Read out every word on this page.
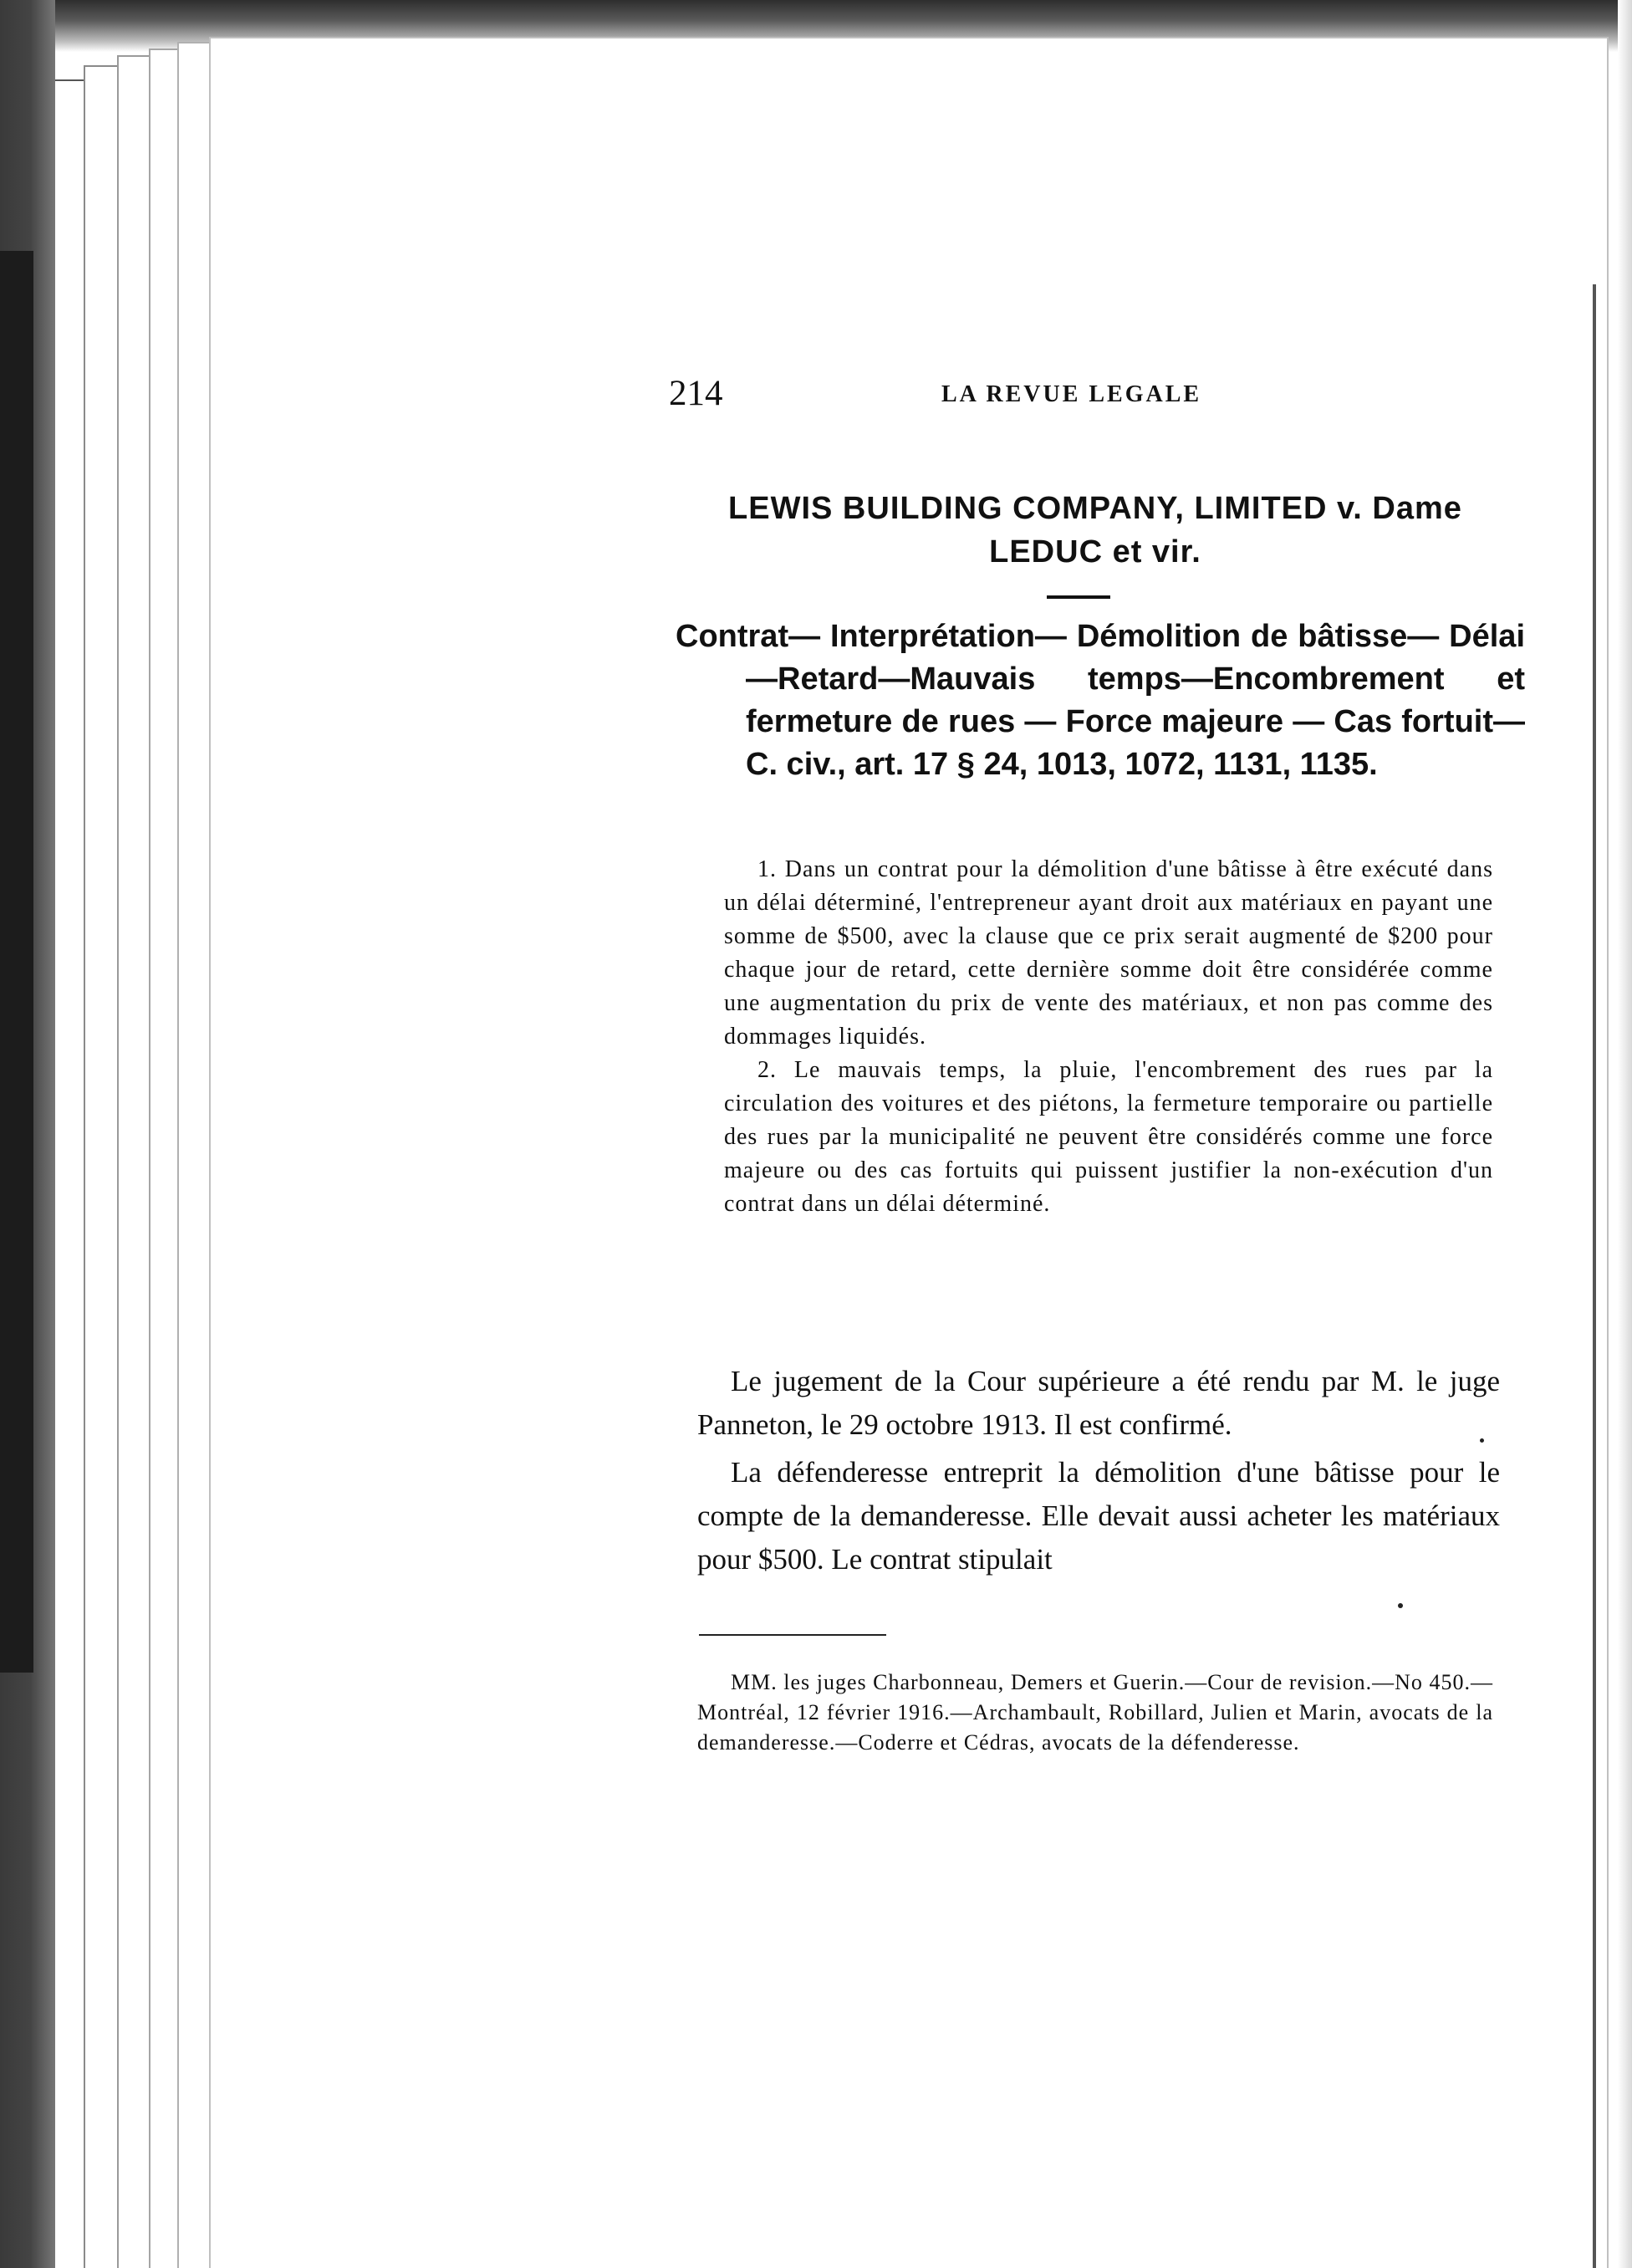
214	LA REVUE LEGALE
LEWIS BUILDING COMPANY, LIMITED v. Dame
LEDUC et vir.
Contrat— Interprétation— Démolition de bâtisse— Délai—Retard—Mauvais temps—Encombrement et fermeture de rues — Force majeure — Cas fortuit—C. civ., art. 17 § 24, 1013, 1072, 1131, 1135.

1. Dans un contrat pour la démolition d'une bâtisse à être exécuté dans un délai déterminé, l'entrepreneur ayant droit aux matériaux en payant une somme de $500, avec la clause que ce prix serait augmenté de $200 pour chaque jour de retard, cette dernière somme doit être considérée comme une augmentation du prix de vente des matériaux, et non pas comme des dommages liquidés.

2. Le mauvais temps, la pluie, l'encombrement des rues par la circulation des voitures et des piétons, la fermeture temporaire ou partielle des rues par la municipalité ne peuvent être considérés comme une force majeure ou des cas fortuits qui puissent justifier la non-exécution d'un contrat dans un délai déterminé.

Le jugement de la Cour supérieure a été rendu par M. le juge Panneton, le 29 octobre 1913. Il est confirmé.

La défenderesse entreprit la démolition d'une bâtisse pour le compte de la demanderesse. Elle devait aussi acheter les matériaux pour $500. Le contrat stipulait

MM. les juges Charbonneau, Demers et Guerin.—Cour de revision.—No 450.—Montréal, 12 février 1916.—Archambault, Robillard, Julien et Marin, avocats de la demanderesse.—Coderre et Cédras, avocats de la défenderesse.
